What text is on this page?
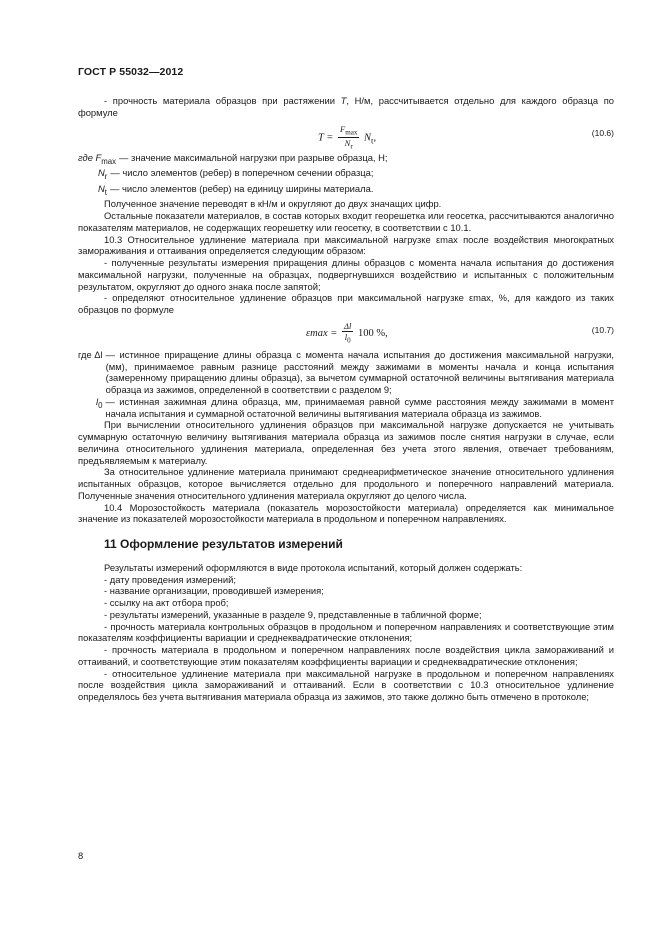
ГОСТ Р 55032—2012

- прочность материала образцов при растяжении T, Н/м, рассчитывается отдельно для каждого образца по формуле

$T = \frac{F_{max}}{N_r} N_t$,	(10.6)
где $F_{max}$ — значение максимальной нагрузки при разрыве образца, Н;
$N_r$ — число элементов (ребер) в поперечном сечении образца;
$N_t$ — число элементов (ребер) на единицу ширины материала.

Полученное значение переводят в кН/м и округляют до двух значащих цифр.

Остальные показатели материалов, в состав которых входит георешетка или геосетка, рассчитываются аналогично показателям материалов, не содержащих георешетку или геосетку, в соответствии с 10.1.

10.3 Относительное удлинение материала при максимальной нагрузке εmax после воздействия многократных замораживания и оттаивания определяется следующим образом:

- полученные результаты измерения приращения длины образцов с момента начала испытания до достижения максимальной нагрузки, полученные на образцах, подвергнувшихся воздействию и испытанных с положительным результатом, округляют до одного знака после запятой;

- определяют относительное удлинение образцов при максимальной нагрузке εmax, %, для каждого из таких образцов по формуле

$\varepsilon\max = \frac{\Delta l}{l_0} 100$ %,	(10.7)
где Δl — истинное приращение длины образца с момента начала испытания до достижения максимальной нагрузки, (мм), принимаемое равным разнице расстояний между зажимами в моменты начала и конца испытания (замеренному приращению длины образца), за вычетом суммарной остаточной величины вытягивания материала образца из зажимов, определенной в соответствии с разделом 9;
$l_0$ — истинная зажимная длина образца, мм, принимаемая равной сумме расстояния между зажимами в момент начала испытания и суммарной остаточной величины вытягивания материала образца из зажимов.

При вычислении относительного удлинения образцов при максимальной нагрузке допускается не учитывать суммарную остаточную величину вытягивания материала образца из зажимов после снятия нагрузки в случае, если величина относительного удлинения материала, определенная без учета этого явления, отвечает требованиям, предъявляемым к материалу.

За относительное удлинение материала принимают среднеарифметическое значение относительного удлинения испытанных образцов, которое вычисляется отдельно для продольного и поперечного направлений материала. Полученные значения относительного удлинения материала округляют до целого числа.

10.4 Морозостойкость материала (показатель морозостойкости материала) определяется как минимальное значение из показателей морозостойкости материала в продольном и поперечном направлениях.

11 Оформление результатов измерений

Результаты измерений оформляются в виде протокола испытаний, который должен содержать:

- дату проведения измерений;

- название организации, проводившей измерения;

- ссылку на акт отбора проб;

- результаты измерений, указанные в разделе 9, представленные в табличной форме;

- прочность материала контрольных образцов в продольном и поперечном направлениях и соответствующие этим показателям коэффициенты вариации и среднеквадратические отклонения;

- прочность материала в продольном и поперечном направлениях после воздействия цикла замораживаний и оттаиваний, и соответствующие этим показателям коэффициенты вариации и среднеквадратические отклонения;

- относительное удлинение материала при максимальной нагрузке в продольном и поперечном направлениях после воздействия цикла замораживаний и оттаиваний. Если в соответствии с 10.3 относительное удлинение определялось без учета вытягивания материала образца из зажимов, это также должно быть отмечено в протоколе;

8
